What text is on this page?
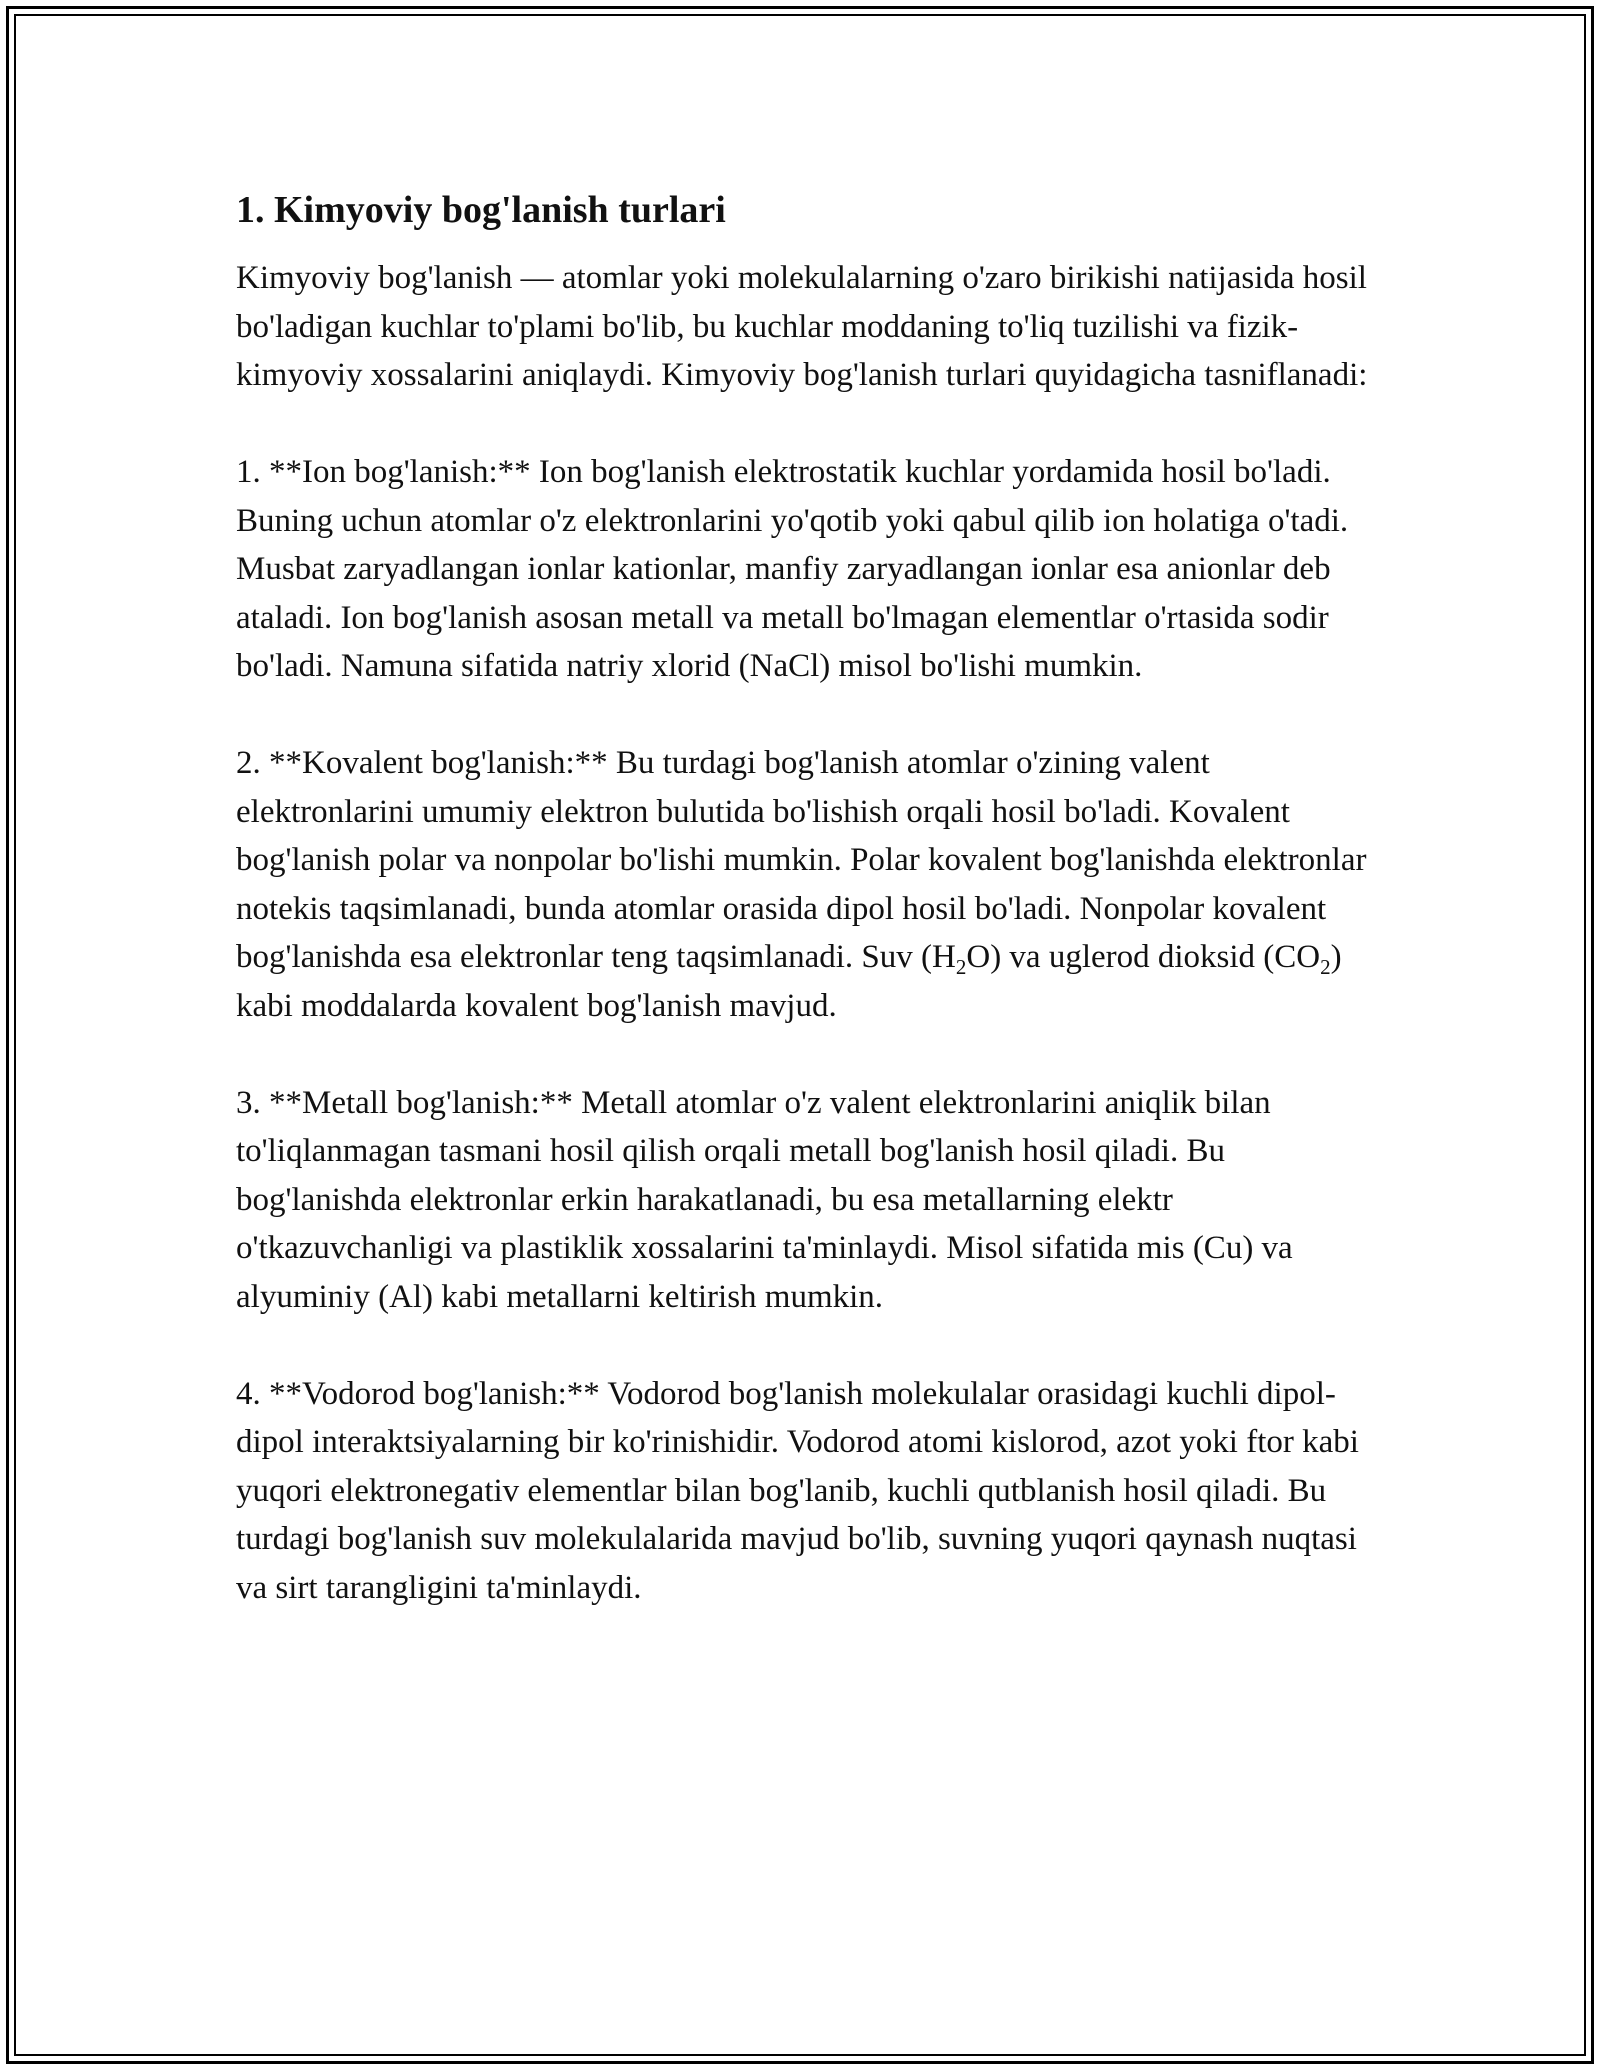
1. Kimyoviy bog'lanish turlari

Kimyoviy bog'lanish — atomlar yoki molekulalarning o'zaro birikishi natijasida hosil bo'ladigan kuchlar to'plami bo'lib, bu kuchlar moddaning to'liq tuzilishi va fizik-kimyoviy xossalarini aniqlaydi. Kimyoviy bog'lanish turlari quyidagicha tasniflanadi:

1. **Ion bog'lanish:** Ion bog'lanish elektrostatik kuchlar yordamida hosil bo'ladi. Buning uchun atomlar o'z elektronlarini yo'qotib yoki qabul qilib ion holatiga o'tadi. Musbat zaryadlangan ionlar kationlar, manfiy zaryadlangan ionlar esa anionlar deb ataladi. Ion bog'lanish asosan metall va metall bo'lmagan elementlar o'rtasida sodir bo'ladi. Namuna sifatida natriy xlorid (NaCl) misol bo'lishi mumkin.

2. **Kovalent bog'lanish:** Bu turdagi bog'lanish atomlar o'zining valent elektronlarini umumiy elektron bulutida bo'lishish orqali hosil bo'ladi. Kovalent bog'lanish polar va nonpolar bo'lishi mumkin. Polar kovalent bog'lanishda elektronlar notekis taqsimlanadi, bunda atomlar orasida dipol hosil bo'ladi. Nonpolar kovalent bog'lanishda esa elektronlar teng taqsimlanadi. Suv $(H_2O)$ va uglerod dioksid $(CO_2)$ kabi moddalarda kovalent bog'lanish mavjud.

3. **Metall bog'lanish:** Metall atomlar o'z valent elektronlarini aniqlik bilan to'liqlanmagan tasmani hosil qilish orqali metall bog'lanish hosil qiladi. Bu bog'lanishda elektronlar erkin harakatlanadi, bu esa metallarning elektr o'tkazuvchanligi va plastiklik xossalarini ta'minlaydi. Misol sifatida mis (Cu) va alyuminiy (Al) kabi metallarni keltirish mumkin.

4. **Vodorod bog'lanish:** Vodorod bog'lanish molekulalar orasidagi kuchli dipol-dipol interaktsiyalarning bir ko'rinishidir. Vodorod atomi kislorod, azot yoki ftor kabi yuqori elektronegativ elementlar bilan bog'lanib, kuchli qutblanish hosil qiladi. Bu turdagi bog'lanish suv molekulalarida mavjud bo'lib, suvning yuqori qaynash nuqtasi va sirt tarangligini ta'minlaydi.
